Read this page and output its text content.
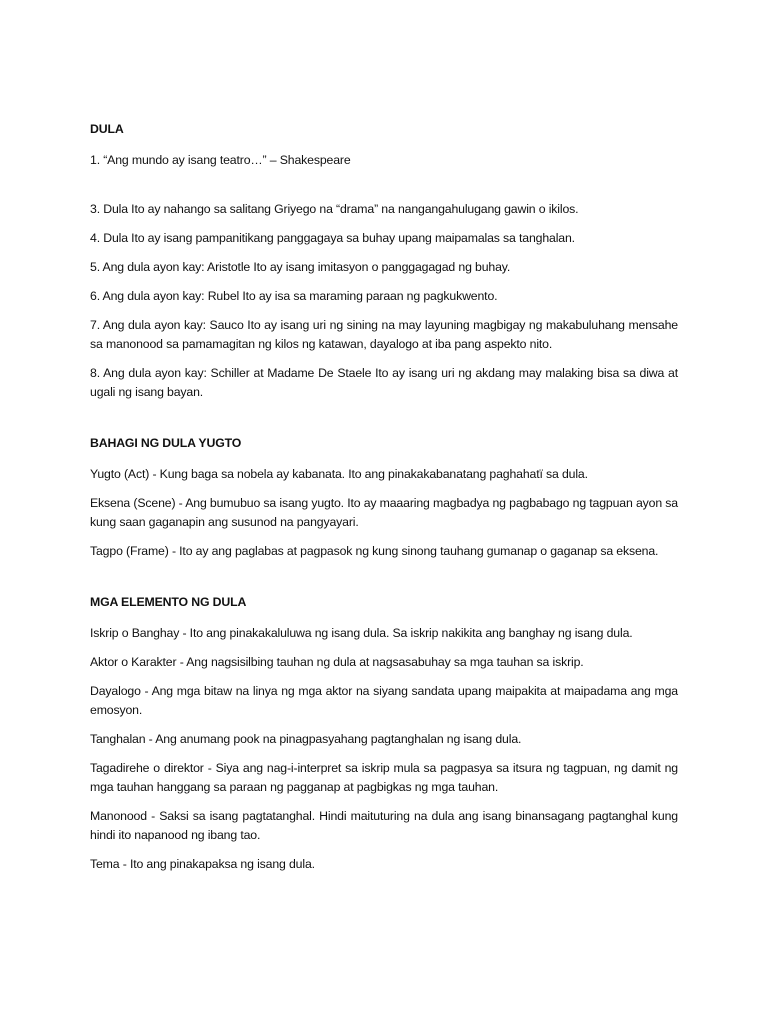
DULA
1. “Ang mundo ay isang teatro…” – Shakespeare
3. Dula Ito ay nahango sa salitang Griyego na “drama” na nangangahulugang gawin o ikilos.
4. Dula Ito ay isang pampanitikang panggagaya sa buhay upang maipamalas sa tanghalan.
5. Ang dula ayon kay: Aristotle Ito ay isang imitasyon o panggagagad ng buhay.
6. Ang dula ayon kay: Rubel Ito ay isa sa maraming paraan ng pagkukwento.
7. Ang dula ayon kay: Sauco Ito ay isang uri ng sining na may layuning magbigay ng makabuluhang mensahe sa manonood sa pamamagitan ng kilos ng katawan, dayalogo at iba pang aspekto nito.
8. Ang dula ayon kay: Schiller at Madame De Staele Ito ay isang uri ng akdang may malaking bisa sa diwa at ugali ng isang bayan.
BAHAGI NG DULA YUGTO
Yugto (Act) - Kung baga sa nobela ay kabanata. Ito ang pinakakabanatang paghahatï sa dula.
Eksena (Scene) - Ang bumubuo sa isang yugto. Ito ay maaaring magbadya ng pagbabago ng tagpuan ayon sa kung saan gaganapin ang susunod na pangyayari.
Tagpo (Frame) - Ito ay ang paglabas at pagpasok ng kung sinong tauhang gumanap o gaganap sa eksena.
MGA ELEMENTO NG DULA
Iskrip o Banghay - Ito ang pinakakaluluwa ng isang dula. Sa iskrip nakikita ang banghay ng isang dula.
Aktor o Karakter - Ang nagsisilbing tauhan ng dula at nagsasabuhay sa mga tauhan sa iskrip.
Dayalogo - Ang mga bitaw na linya ng mga aktor na siyang sandata upang maipakita at maipadama ang mga emosyon.
Tanghalan - Ang anumang pook na pinagpasyahang pagtanghalan ng isang dula.
Tagadirehe o direktor - Siya ang nag-i-interpret sa iskrip mula sa pagpasya sa itsura ng tagpuan, ng damit ng mga tauhan hanggang sa paraan ng pagganap at pagbigkas ng mga tauhan.
Manonood - Saksi sa isang pagtatanghal. Hindi maituturing na dula ang isang binansagang pagtanghal kung hindi ito napanood ng ibang tao.
Tema - Ito ang pinakapaksa ng isang dula.
